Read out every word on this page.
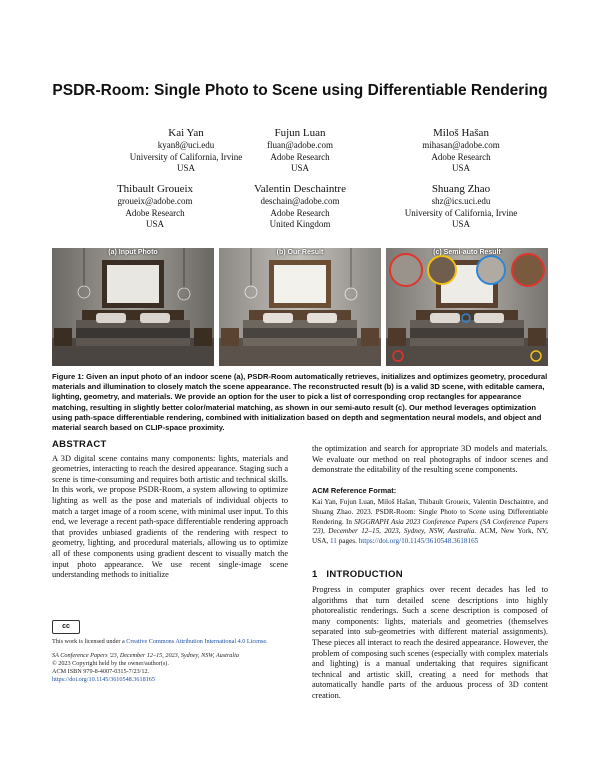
PSDR-Room: Single Photo to Scene using Differentiable Rendering
Kai Yan
kyan8@uci.edu
University of California, Irvine
USA
Fujun Luan
fluan@adobe.com
Adobe Research
USA
Miloš Hašan
mihasan@adobe.com
Adobe Research
USA
Thibault Groueix
groueix@adobe.com
Adobe Research
USA
Valentin Deschaintre
deschain@adobe.com
Adobe Research
United Kingdom
Shuang Zhao
shz@ics.uci.edu
University of California, Irvine
USA
(a) Input Photo	(b) Our Result	(c) Semi-auto Result
Figure 1: Given an input photo of an indoor scene (a), PSDR-Room automatically retrieves, initializes and optimizes geometry, procedural materials and illumination to closely match the scene appearance. The reconstructed result (b) is a valid 3D scene, with editable camera, lighting, geometry, and materials. We provide an option for the user to pick a list of corresponding crop rectangles for appearance matching, resulting in slightly better color/material matching, as shown in our semi-auto result (c). Our method leverages optimization using path-space differentiable rendering, combined with initialization based on depth and segmentation neural models, and object and material search based on CLIP-space proximity.
ABSTRACT
A 3D digital scene contains many components: lights, materials and geometries, interacting to reach the desired appearance. Staging such a scene is time-consuming and requires both artistic and technical skills. In this work, we propose PSDR-Room, a system allowing to optimize lighting as well as the pose and materials of individual objects to match a target image of a room scene, with minimal user input. To this end, we leverage a recent path-space differentiable rendering approach that provides unbiased gradients of the rendering with respect to geometry, lighting, and procedural materials, allowing us to optimize all of these components using gradient descent to visually match the input photo appearance. We use recent single-image scene understanding methods to initialize
cc
This work is licensed under a Creative Commons Attribution International 4.0 License.
SA Conference Papers '23, December 12–15, 2023, Sydney, NSW, Australia
© 2023 Copyright held by the owner/author(s).
ACM ISBN 979-8-4007-0315-7/23/12.
https://doi.org/10.1145/3610548.3618165
the optimization and search for appropriate 3D models and materials. We evaluate our method on real photographs of indoor scenes and demonstrate the editability of the resulting scene components.
ACM Reference Format:
Kai Yan, Fujun Luan, Miloš Hašan, Thibault Groueix, Valentin Deschaintre, and Shuang Zhao. 2023. PSDR-Room: Single Photo to Scene using Differentiable Rendering. In SIGGRAPH Asia 2023 Conference Papers (SA Conference Papers '23), December 12–15, 2023, Sydney, NSW, Australia. ACM, New York, NY, USA, 11 pages. https://doi.org/10.1145/3610548.3618165
1 INTRODUCTION
Progress in computer graphics over recent decades has led to algorithms that turn detailed scene descriptions into highly photorealistic renderings. Such a scene description is composed of many components: lights, materials and geometries (themselves separated into sub-geometries with different material assignments). These pieces all interact to reach the desired appearance. However, the problem of composing such scenes (especially with complex materials and lighting) is a manual undertaking that requires significant technical and artistic skill, creating a need for methods that automatically handle parts of the arduous process of 3D content creation.
